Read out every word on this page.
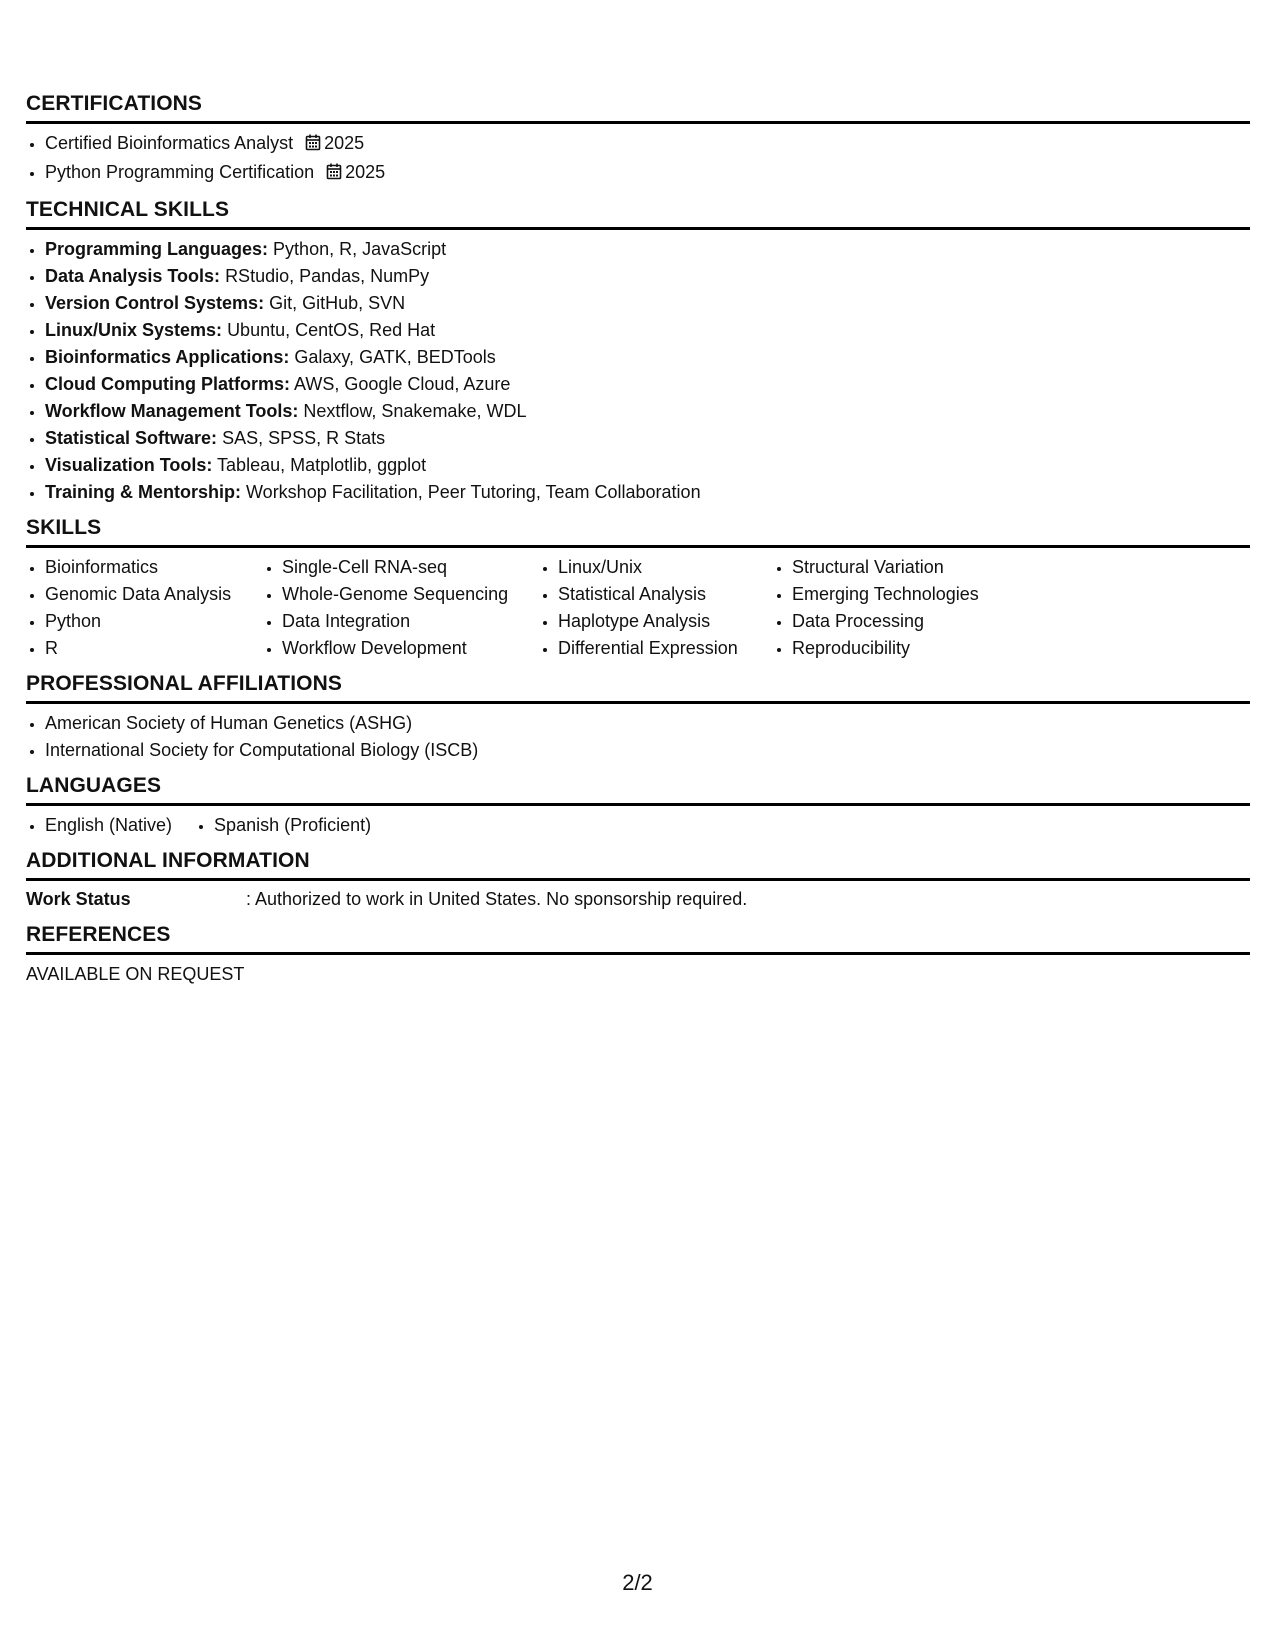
CERTIFICATIONS
• Certified Bioinformatics Analyst 2025
• Python Programming Certification 2025
TECHNICAL SKILLS
• Programming Languages: Python, R, JavaScript
• Data Analysis Tools: RStudio, Pandas, NumPy
• Version Control Systems: Git, GitHub, SVN
• Linux/Unix Systems: Ubuntu, CentOS, Red Hat
• Bioinformatics Applications: Galaxy, GATK, BEDTools
• Cloud Computing Platforms: AWS, Google Cloud, Azure
• Workflow Management Tools: Nextflow, Snakemake, WDL
• Statistical Software: SAS, SPSS, R Stats
• Visualization Tools: Tableau, Matplotlib, ggplot
• Training & Mentorship: Workshop Facilitation, Peer Tutoring, Team Collaboration
SKILLS
• Bioinformatics
• Genomic Data Analysis
• Python
• R
• Single-Cell RNA-seq
• Whole-Genome Sequencing
• Data Integration
• Workflow Development
• Linux/Unix
• Statistical Analysis
• Haplotype Analysis
• Differential Expression
• Structural Variation
• Emerging Technologies
• Data Processing
• Reproducibility
PROFESSIONAL AFFILIATIONS
• American Society of Human Genetics (ASHG)
• International Society for Computational Biology (ISCB)
LANGUAGES
• English (Native)
• Spanish (Proficient)
ADDITIONAL INFORMATION
Work Status	: Authorized to work in United States. No sponsorship required.
REFERENCES
AVAILABLE ON REQUEST
2/2
